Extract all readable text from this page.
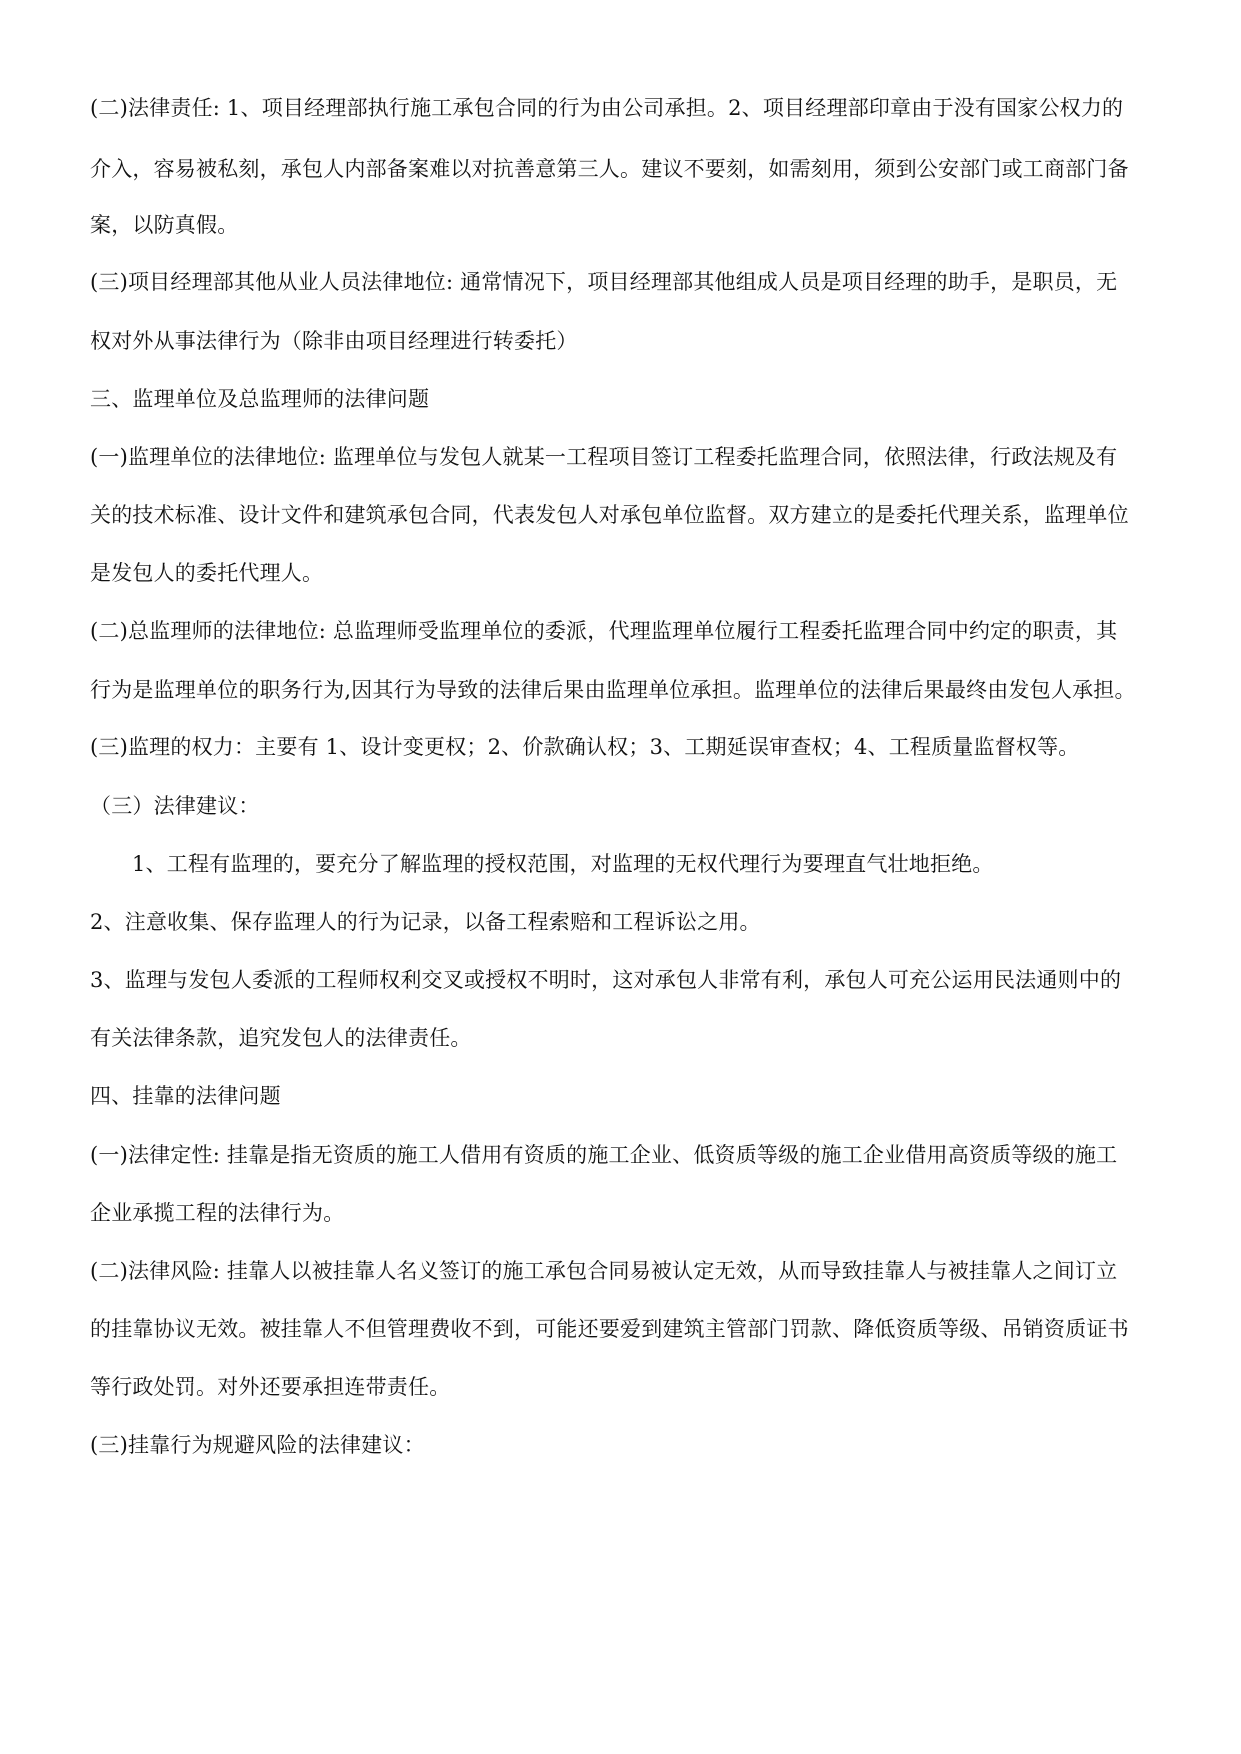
(二)法律责任: 1、项目经理部执行施工承包合同的行为由公司承担。2、项目经理部印章由于没有国家公权力的
介入，容易被私刻，承包人内部备案难以对抗善意第三人。建议不要刻，如需刻用，须到公安部门或工商部门备
案，以防真假。
(三)项目经理部其他从业人员法律地位: 通常情况下，项目经理部其他组成人员是项目经理的助手，是职员，无
权对外从事法律行为（除非由项目经理进行转委托）
三、监理单位及总监理师的法律问题
(一)监理单位的法律地位: 监理单位与发包人就某一工程项目签订工程委托监理合同，依照法律，行政法规及有
关的技术标准、设计文件和建筑承包合同，代表发包人对承包单位监督。双方建立的是委托代理关系，监理单位
是发包人的委托代理人。
(二)总监理师的法律地位: 总监理师受监理单位的委派，代理监理单位履行工程委托监理合同中约定的职责，其
行为是监理单位的职务行为,因其行为导致的法律后果由监理单位承担。监理单位的法律后果最终由发包人承担。
(三)监理的权力：主要有 1、设计变更权；2、价款确认权；3、工期延误审查权；4、工程质量监督权等。
（三）法律建议：
1、工程有监理的，要充分了解监理的授权范围，对监理的无权代理行为要理直气壮地拒绝。
2、注意收集、保存监理人的行为记录，以备工程索赔和工程诉讼之用。
3、监理与发包人委派的工程师权利交叉或授权不明时，这对承包人非常有利，承包人可充公运用民法通则中的
有关法律条款，追究发包人的法律责任。
四、挂靠的法律问题
(一)法律定性: 挂靠是指无资质的施工人借用有资质的施工企业、低资质等级的施工企业借用高资质等级的施工
企业承揽工程的法律行为。
(二)法律风险: 挂靠人以被挂靠人名义签订的施工承包合同易被认定无效，从而导致挂靠人与被挂靠人之间订立
的挂靠协议无效。被挂靠人不但管理费收不到，可能还要爱到建筑主管部门罚款、降低资质等级、吊销资质证书
等行政处罚。对外还要承担连带责任。
(三)挂靠行为规避风险的法律建议：
